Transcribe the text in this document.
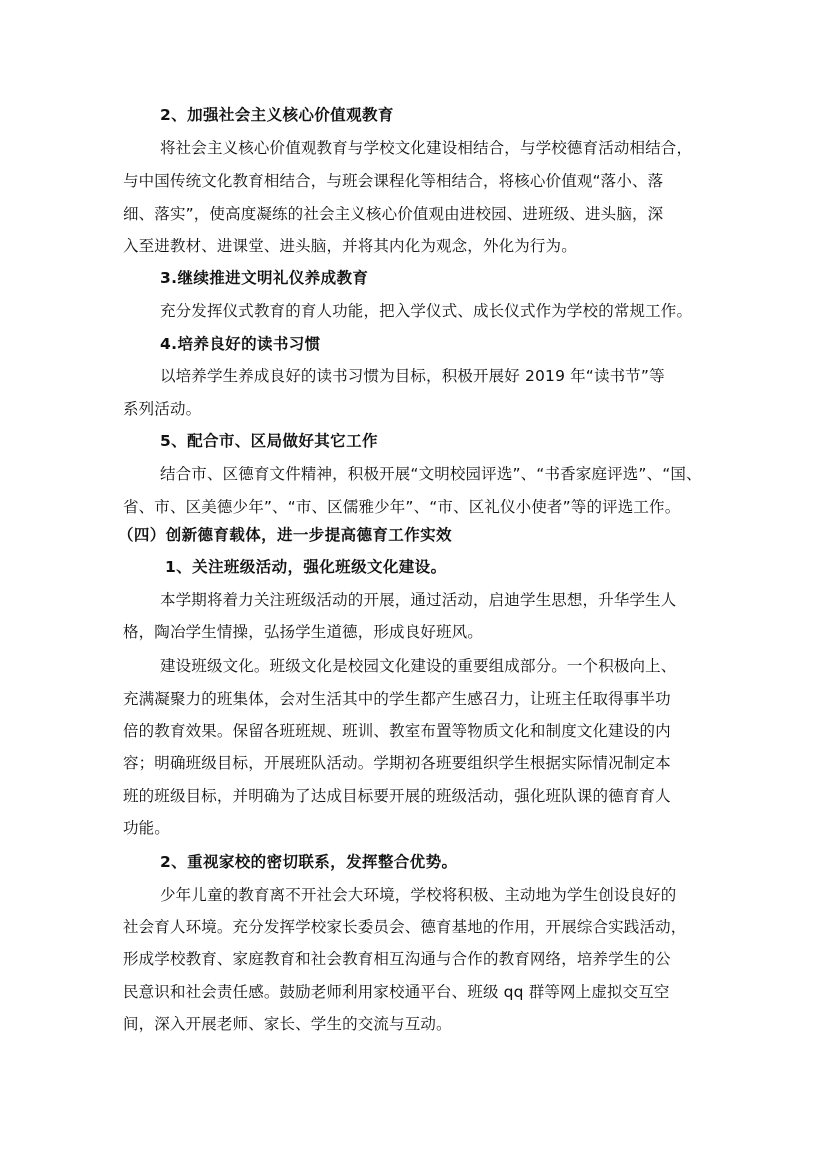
2、加强社会主义核心价值观教育

将社会主义核心价值观教育与学校文化建设相结合，与学校德育活动相结合，

与中国传统文化教育相结合，与班会课程化等相结合，将核心价值观“落小、落

细、落实”，使高度凝练的社会主义核心价值观由进校园、进班级、进头脑，深

入至进教材、进课堂、进头脑，并将其内化为观念，外化为行为。

3.继续推进文明礼仪养成教育

充分发挥仪式教育的育人功能，把入学仪式、成长仪式作为学校的常规工作。

4.培养良好的读书习惯

以培养学生养成良好的读书习惯为目标，积极开展好 2019 年“读书节”等

系列活动。

5、配合市、区局做好其它工作

结合市、区德育文件精神，积极开展“文明校园评选”、“书香家庭评选”、“国、

省、市、区美德少年”、“市、区儒雅少年”、“市、区礼仪小使者”等的评选工作。

（四）创新德育载体，进一步提高德育工作实效

1、关注班级活动，强化班级文化建设。

本学期将着力关注班级活动的开展，通过活动，启迪学生思想，升华学生人

格，陶冶学生情操，弘扬学生道德，形成良好班风。

建设班级文化。班级文化是校园文化建设的重要组成部分。一个积极向上、

充满凝聚力的班集体，会对生活其中的学生都产生感召力，让班主任取得事半功

倍的教育效果。保留各班班规、班训、教室布置等物质文化和制度文化建设的内

容；明确班级目标，开展班队活动。学期初各班要组织学生根据实际情况制定本

班的班级目标，并明确为了达成目标要开展的班级活动，强化班队课的德育育人

功能。

2、重视家校的密切联系，发挥整合优势。

少年儿童的教育离不开社会大环境，学校将积极、主动地为学生创设良好的

社会育人环境。充分发挥学校家长委员会、德育基地的作用，开展综合实践活动，

形成学校教育、家庭教育和社会教育相互沟通与合作的教育网络，培养学生的公

民意识和社会责任感。鼓励老师利用家校通平台、班级 qq 群等网上虚拟交互空

间，深入开展老师、家长、学生的交流与互动。
